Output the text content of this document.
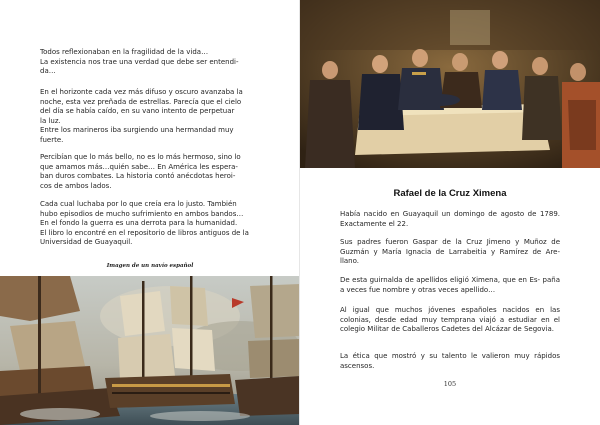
Todos reflexionaban en la fragilidad de la vida…
La existencia nos trae una verdad que debe ser entendi-
da…

En el horizonte cada vez más difuso y oscuro avanzaba la
noche, esta vez preñada de estrellas. Parecía que el cielo
del día se había caído, en su vano intento de perpetuar
la luz.
Entre los marineros iba surgiendo una hermandad muy
fuerte.

Percibían que lo más bello, no es lo más hermoso, sino lo
que amamos más…quién sabe… En América les espera-
ban duros combates. La historia contó anécdotas heroi-
cos de ambos lados.

Cada cual luchaba por lo que creía era lo justo. También
hubo episodios de mucho sufrimiento en ambos bandos…
En el fondo la guerra es una derrota para la humanidad.
El libro lo encontré en el repositorio de libros antiguos de la
Universidad de Guayaquil.

Imagen de un navío español
Rafael de la Cruz Ximena

Había nacido en Guayaquil un domingo de agosto de 1789. Exactamente el 22.

Sus padres fueron Gaspar de la Cruz Jimeno y Muñoz de Guzmán y María Ignacia de Larrabeitia y Ramírez de Are- llano.

De esta guirnalda de apellidos eligió Ximena, que en Es- paña a veces fue nombre y otras veces apellido…

Al igual que muchos jóvenes españoles nacidos en las colonias, desde edad muy temprana viajó a estudiar en el colegio Militar de Caballeros Cadetes del Alcázar de Segovia.

La ética que mostró y su talento le valieron muy rápidos ascensos.

105
